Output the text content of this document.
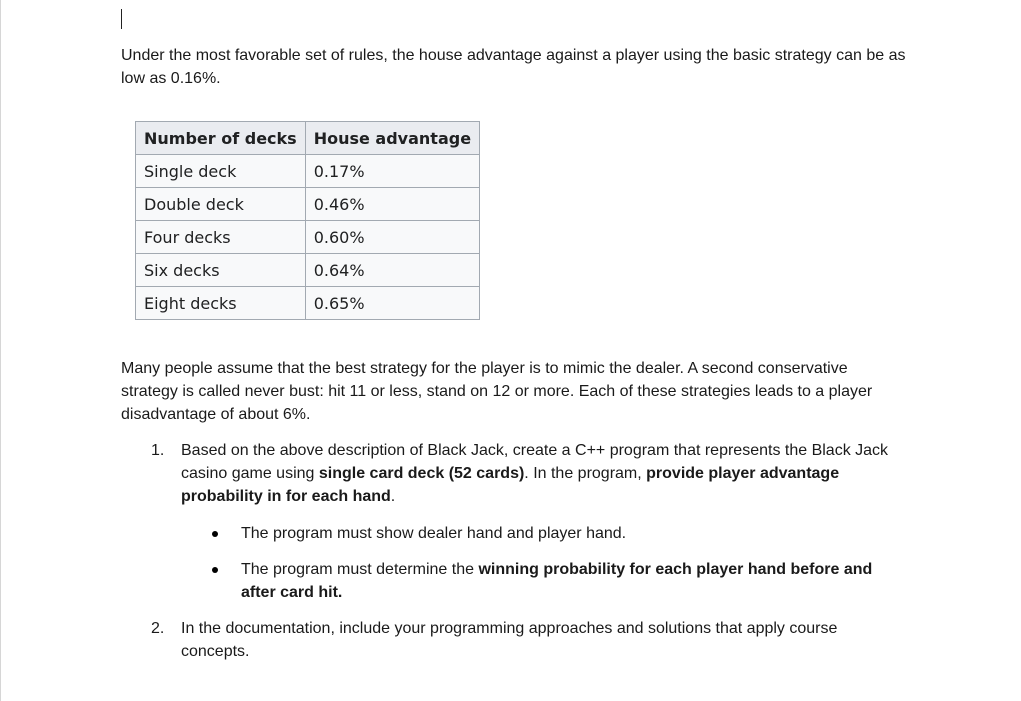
Under the most favorable set of rules, the house advantage against a player using the basic strategy can be as low as 0.16%.

Number of decks	House advantage
Single deck	0.17%
Double deck	0.46%
Four decks	0.60%
Six decks	0.64%
Eight decks	0.65%

Many people assume that the best strategy for the player is to mimic the dealer. A second conservative strategy is called never bust: hit 11 or less, stand on 12 or more. Each of these strategies leads to a player disadvantage of about 6%.

1.	Based on the above description of Black Jack, create a C++ program that represents the Black Jack casino game using single card deck (52 cards). In the program, provide player advantage probability in for each hand.
The program must show dealer hand and player hand.
The program must determine the winning probability for each player hand before and after card hit.
2.	In the documentation, include your programming approaches and solutions that apply course concepts.
